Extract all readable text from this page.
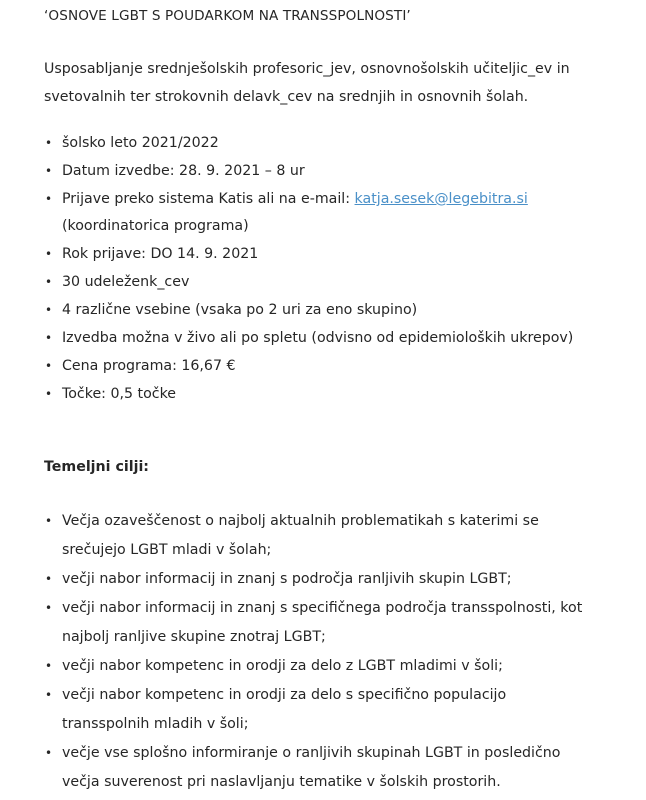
‘OSNOVE LGBT S POUDARKOM NA TRANSSPOLNOSTI’

Usposabljanje srednješolskih profesoric_jev, osnovnošolskih učiteljic_ev in svetovalnih ter strokovnih delavk_cev na srednjih in osnovnih šolah.

• šolsko leto 2021/2022
• Datum izvedbe: 28. 9. 2021 – 8 ur
• Prijave preko sistema Katis ali na e-mail: katja.sesek@legebitra.si (koordinatorica programa)
• Rok prijave: DO 14. 9. 2021
• 30 udeleženk_cev
• 4 različne vsebine (vsaka po 2 uri za eno skupino)
• Izvedba možna v živo ali po spletu (odvisno od epidemioloških ukrepov)
• Cena programa: 16,67 €
• Točke: 0,5 točke
Temeljni cilji:
• Večja ozaveščenost o najbolj aktualnih problematikah s katerimi se srečujejo LGBT mladi v šolah;
• večji nabor informacij in znanj s področja ranljivih skupin LGBT;
• večji nabor informacij in znanj s specifičnega področja transspolnosti, kot najbolj ranljive skupine znotraj LGBT;
• večji nabor kompetenc in orodji za delo z LGBT mladimi v šoli;
• večji nabor kompetenc in orodji za delo s specifično populacijo transspolnih mladih v šoli;
• večje vse splošno informiranje o ranljivih skupinah LGBT in posledično večja suverenost pri naslavljanju tematike v šolskih prostorih.
